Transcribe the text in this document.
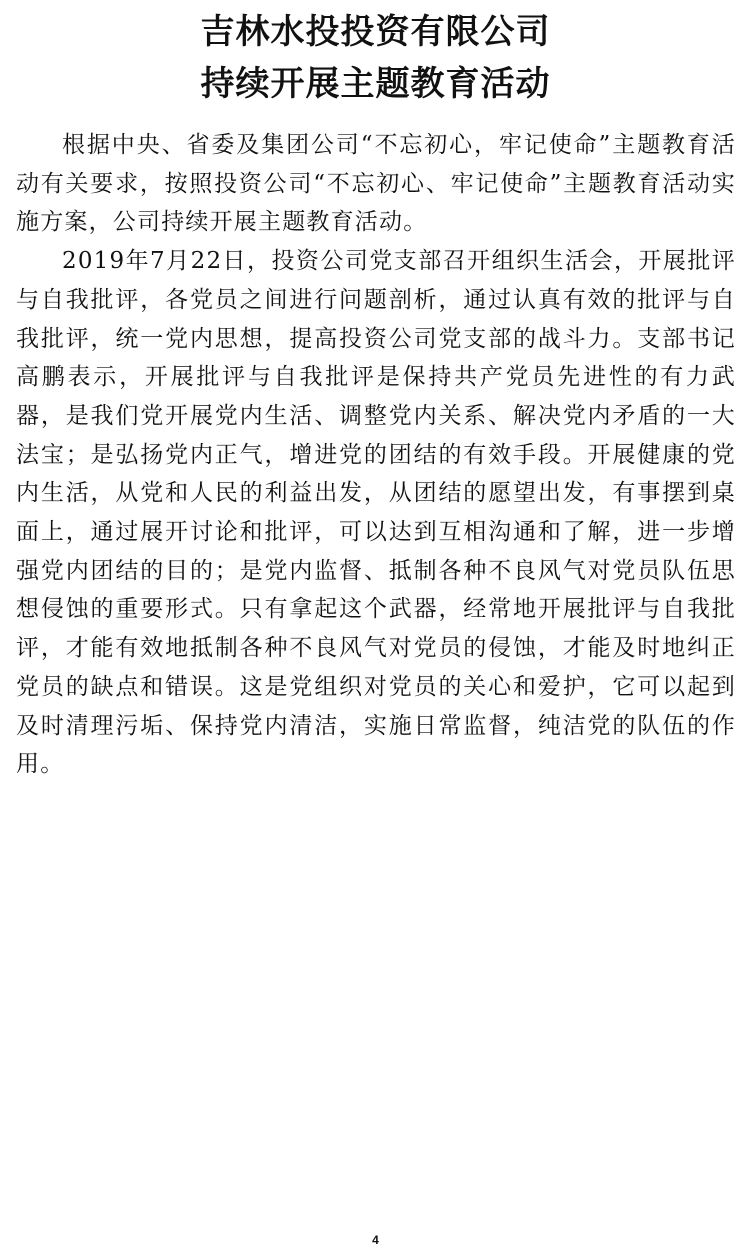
吉林水投投资有限公司
持续开展主题教育活动

根据中央、省委及集团公司“不忘初心，牢记使命”主题教育活动有关要求，按照投资公司“不忘初心、牢记使命”主题教育活动实施方案，公司持续开展主题教育活动。

2019年7月22日，投资公司党支部召开组织生活会，开展批评与自我批评，各党员之间进行问题剖析，通过认真有效的批评与自我批评，统一党内思想，提高投资公司党支部的战斗力。支部书记高鹏表示，开展批评与自我批评是保持共产党员先进性的有力武器，是我们党开展党内生活、调整党内关系、解决党内矛盾的一大法宝；是弘扬党内正气，增进党的团结的有效手段。开展健康的党内生活，从党和人民的利益出发，从团结的愿望出发，有事摆到桌面上，通过展开讨论和批评，可以达到互相沟通和了解，进一步增强党内团结的目的；是党内监督、抵制各种不良风气对党员队伍思想侵蚀的重要形式。只有拿起这个武器，经常地开展批评与自我批评，才能有效地抵制各种不良风气对党员的侵蚀，才能及时地纠正党员的缺点和错误。这是党组织对党员的关心和爱护，它可以起到及时清理污垢、保持党内清洁，实施日常监督，纯洁党的队伍的作用。

4
